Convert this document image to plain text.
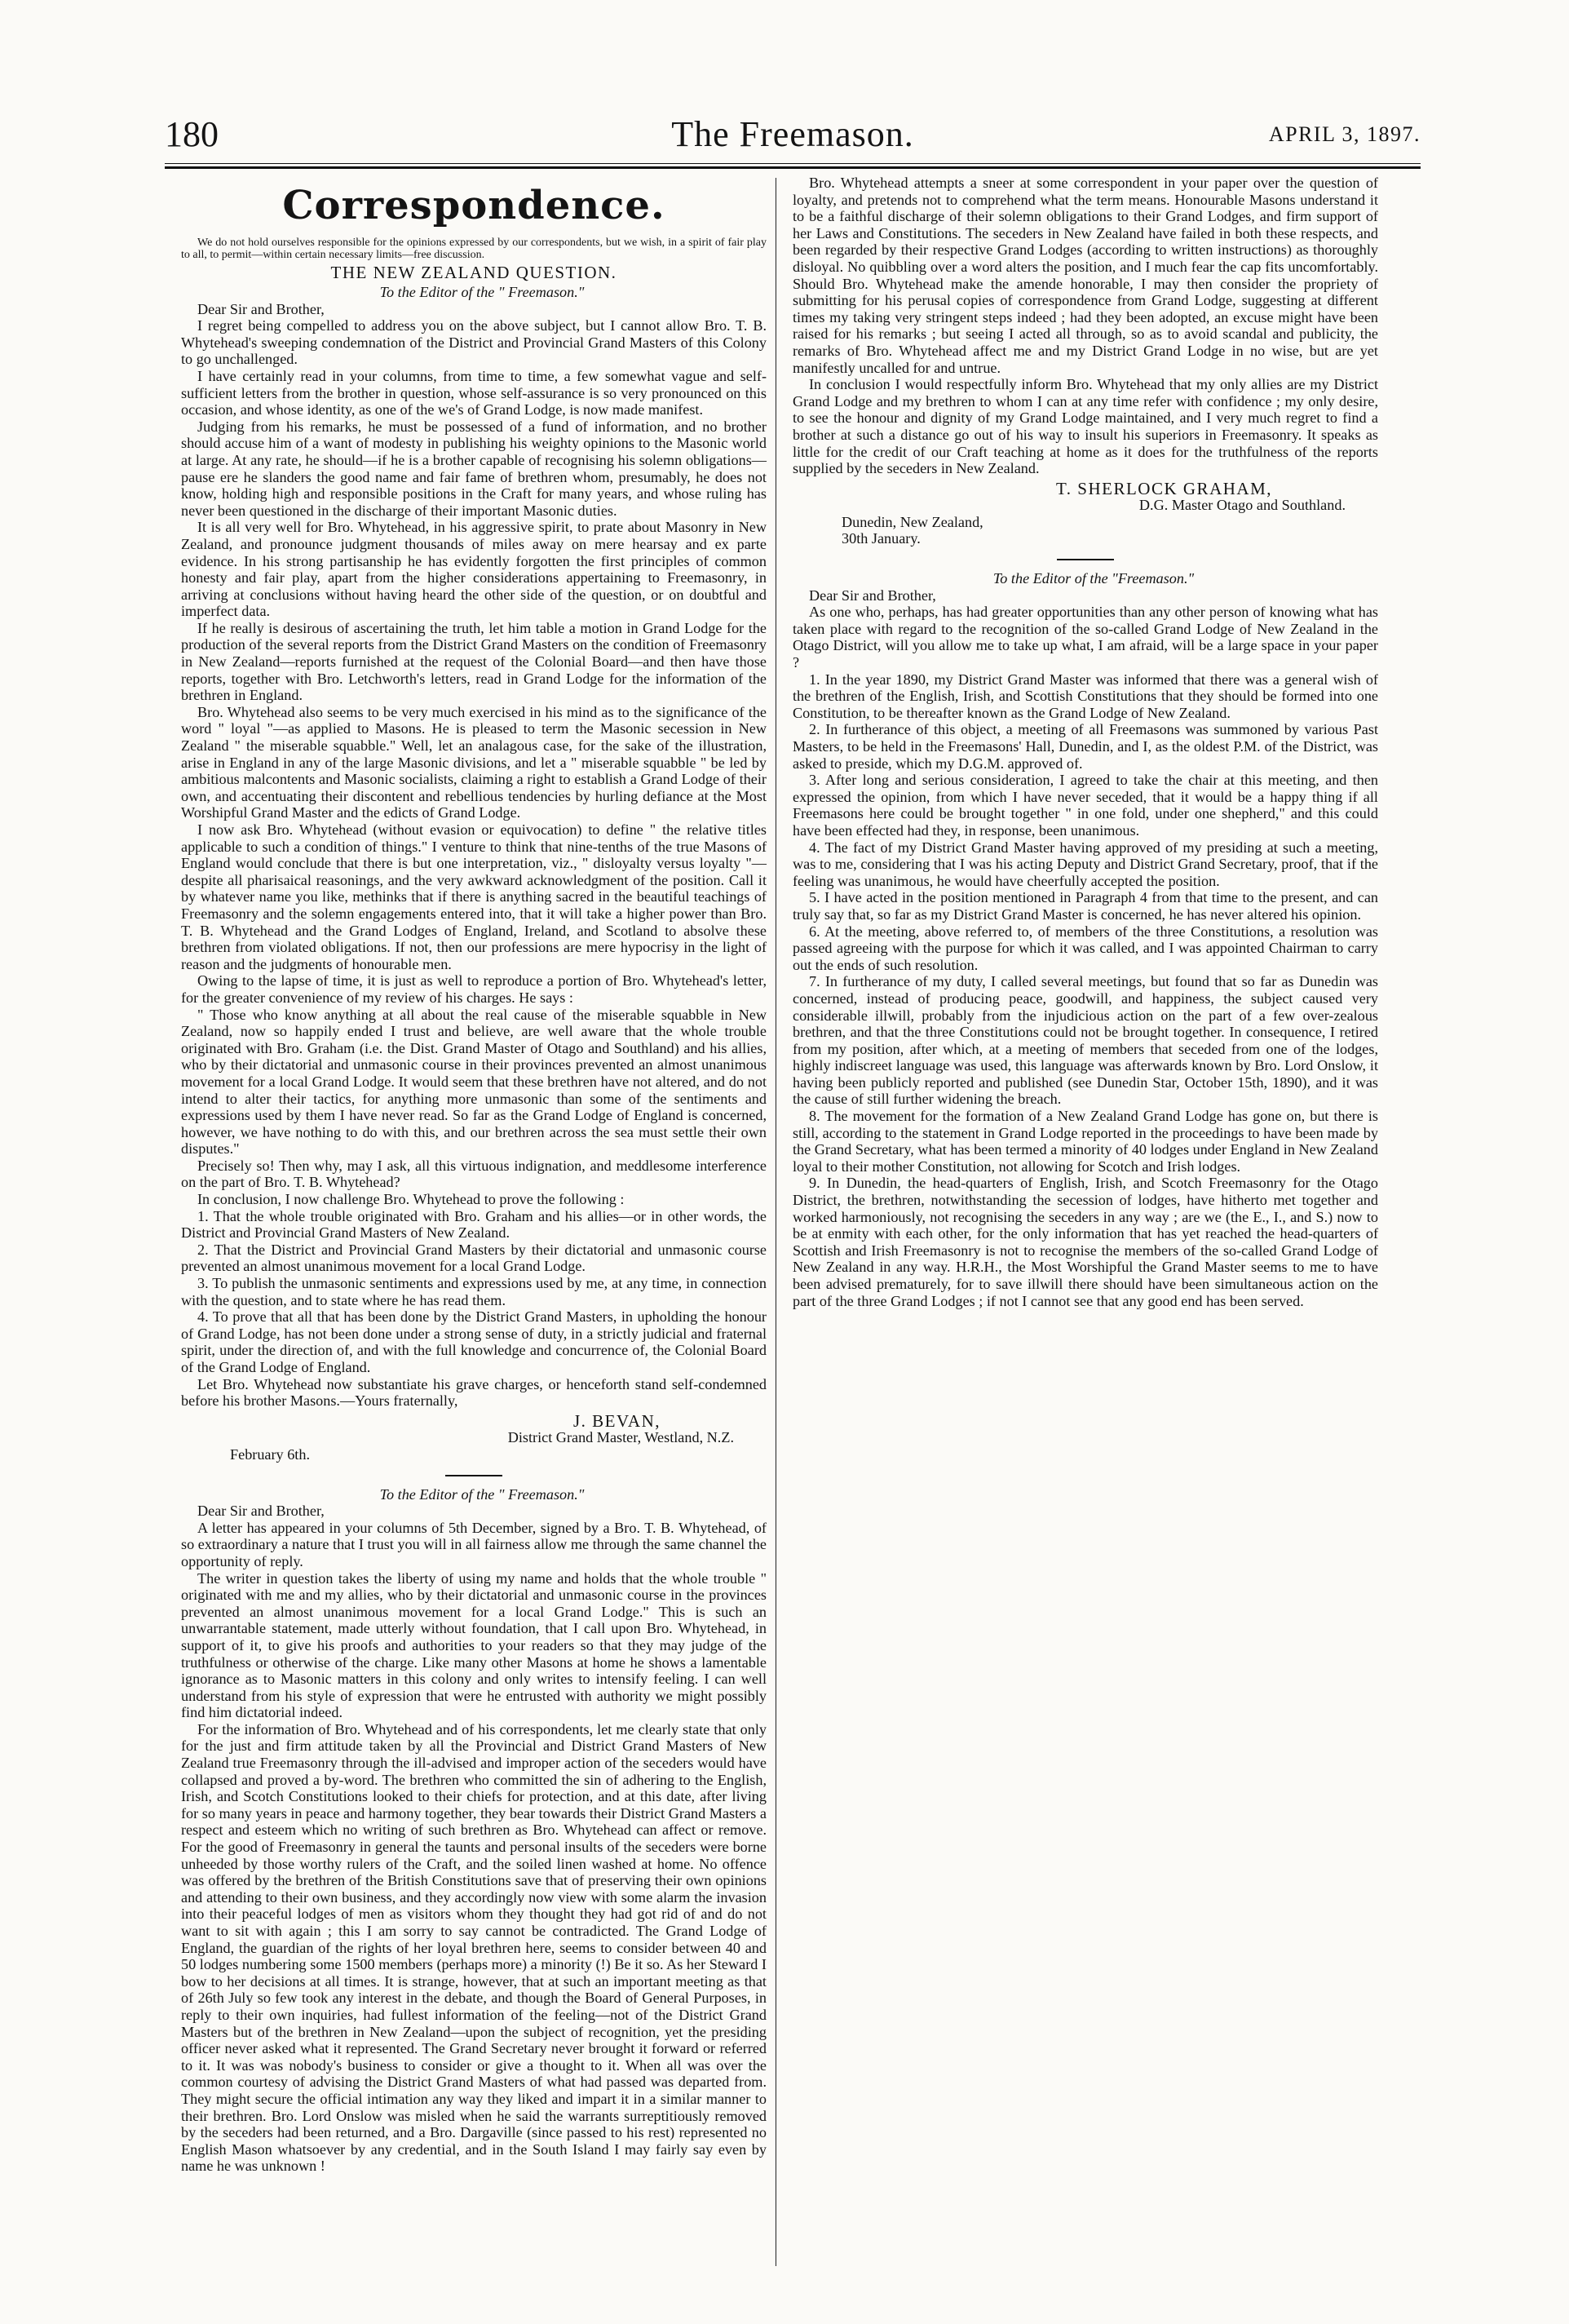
180	The Freemason.	APRIL 3, 1897.
Correspondence.

We do not hold ourselves responsible for the opinions expressed by our correspondents, but we wish, in a spirit of fair play to all, to permit—within certain necessary limits—free discussion.

THE NEW ZEALAND QUESTION.

To the Editor of the " Freemason."

Dear Sir and Brother,

I regret being compelled to address you on the above subject, but I cannot allow Bro. T. B. Whytehead's sweeping condemnation of the District and Provincial Grand Masters of this Colony to go unchallenged.

I have certainly read in your columns, from time to time, a few somewhat vague and self-sufficient letters from the brother in question, whose self-assurance is so very pronounced on this occasion, and whose identity, as one of the we's of Grand Lodge, is now made manifest.

Judging from his remarks, he must be possessed of a fund of information, and no brother should accuse him of a want of modesty in publishing his weighty opinions to the Masonic world at large. At any rate, he should—if he is a brother capable of recognising his solemn obligations—pause ere he slanders the good name and fair fame of brethren whom, presumably, he does not know, holding high and responsible positions in the Craft for many years, and whose ruling has never been questioned in the discharge of their important Masonic duties.

It is all very well for Bro. Whytehead, in his aggressive spirit, to prate about Masonry in New Zealand, and pronounce judgment thousands of miles away on mere hearsay and ex parte evidence. In his strong partisanship he has evidently forgotten the first principles of common honesty and fair play, apart from the higher considerations appertaining to Freemasonry, in arriving at conclusions without having heard the other side of the question, or on doubtful and imperfect data.

If he really is desirous of ascertaining the truth, let him table a motion in Grand Lodge for the production of the several reports from the District Grand Masters on the condition of Freemasonry in New Zealand—reports furnished at the request of the Colonial Board—and then have those reports, together with Bro. Letchworth's letters, read in Grand Lodge for the information of the brethren in England.

Bro. Whytehead also seems to be very much exercised in his mind as to the significance of the word " loyal "—as applied to Masons. He is pleased to term the Masonic secession in New Zealand " the miserable squabble." Well, let an analagous case, for the sake of the illustration, arise in England in any of the large Masonic divisions, and let a " miserable squabble " be led by ambitious malcontents and Masonic socialists, claiming a right to establish a Grand Lodge of their own, and accentuating their discontent and rebellious tendencies by hurling defiance at the Most Worshipful Grand Master and the edicts of Grand Lodge.

I now ask Bro. Whytehead (without evasion or equivocation) to define " the relative titles applicable to such a condition of things." I venture to think that nine-tenths of the true Masons of England would conclude that there is but one interpretation, viz., " disloyalty versus loyalty "—despite all pharisaical reasonings, and the very awkward acknowledgment of the position. Call it by whatever name you like, methinks that if there is anything sacred in the beautiful teachings of Freemasonry and the solemn engagements entered into, that it will take a higher power than Bro. T. B. Whytehead and the Grand Lodges of England, Ireland, and Scotland to absolve these brethren from violated obligations. If not, then our professions are mere hypocrisy in the light of reason and the judgments of honourable men.

Owing to the lapse of time, it is just as well to reproduce a portion of Bro. Whytehead's letter, for the greater convenience of my review of his charges. He says :

" Those who know anything at all about the real cause of the miserable squabble in New Zealand, now so happily ended I trust and believe, are well aware that the whole trouble originated with Bro. Graham (i.e. the Dist. Grand Master of Otago and Southland) and his allies, who by their dictatorial and unmasonic course in their provinces prevented an almost unanimous movement for a local Grand Lodge. It would seem that these brethren have not altered, and do not intend to alter their tactics, for anything more unmasonic than some of the sentiments and expressions used by them I have never read. So far as the Grand Lodge of England is concerned, however, we have nothing to do with this, and our brethren across the sea must settle their own disputes."

Precisely so! Then why, may I ask, all this virtuous indignation, and meddlesome interference on the part of Bro. T. B. Whytehead?

In conclusion, I now challenge Bro. Whytehead to prove the following :

1. That the whole trouble originated with Bro. Graham and his allies—or in other words, the District and Provincial Grand Masters of New Zealand.

2. That the District and Provincial Grand Masters by their dictatorial and unmasonic course prevented an almost unanimous movement for a local Grand Lodge.

3. To publish the unmasonic sentiments and expressions used by me, at any time, in connection with the question, and to state where he has read them.

4. To prove that all that has been done by the District Grand Masters, in upholding the honour of Grand Lodge, has not been done under a strong sense of duty, in a strictly judicial and fraternal spirit, under the direction of, and with the full knowledge and concurrence of, the Colonial Board of the Grand Lodge of England.

Let Bro. Whytehead now substantiate his grave charges, or henceforth stand self-condemned before his brother Masons.—Yours fraternally,

J. BEVAN,

District Grand Master, Westland, N.Z.

February 6th.

To the Editor of the " Freemason."

Dear Sir and Brother,

A letter has appeared in your columns of 5th December, signed by a Bro. T. B. Whytehead, of so extraordinary a nature that I trust you will in all fairness allow me through the same channel the opportunity of reply.

The writer in question takes the liberty of using my name and holds that the whole trouble " originated with me and my allies, who by their dictatorial and unmasonic course in the provinces prevented an almost unanimous movement for a local Grand Lodge." This is such an unwarrantable statement, made utterly without foundation, that I call upon Bro. Whytehead, in support of it, to give his proofs and authorities to your readers so that they may judge of the truthfulness or otherwise of the charge. Like many other Masons at home he shows a lamentable ignorance as to Masonic matters in this colony and only writes to intensify feeling. I can well understand from his style of expression that were he entrusted with authority we might possibly find him dictatorial indeed.

For the information of Bro. Whytehead and of his correspondents, let me clearly state that only for the just and firm attitude taken by all the Provincial and District Grand Masters of New Zealand true Freemasonry through the ill-advised and improper action of the seceders would have collapsed and proved a by-word. The brethren who committed the sin of adhering to the English, Irish, and Scotch Constitutions looked to their chiefs for protection, and at this date, after living for so many years in peace and harmony together, they bear towards their District Grand Masters a respect and esteem which no writing of such brethren as Bro. Whytehead can affect or remove. For the good of Freemasonry in general the taunts and personal insults of the seceders were borne unheeded by those worthy rulers of the Craft, and the soiled linen washed at home. No offence was offered by the brethren of the British Constitutions save that of preserving their own opinions and attending to their own business, and they accordingly now view with some alarm the invasion into their peaceful lodges of men as visitors whom they thought they had got rid of and do not want to sit with again ; this I am sorry to say cannot be contradicted. The Grand Lodge of England, the guardian of the rights of her loyal brethren here, seems to consider between 40 and 50 lodges numbering some 1500 members (perhaps more) a minority (!) Be it so. As her Steward I bow to her decisions at all times. It is strange, however, that at such an important meeting as that of 26th July so few took any interest in the debate, and though the Board of General Purposes, in reply to their own inquiries, had fullest information of the feeling—not of the District Grand Masters but of the brethren in New Zealand—upon the subject of recognition, yet the presiding officer never asked what it represented. The Grand Secretary never brought it forward or referred to it. It was was nobody's business to consider or give a thought to it. When all was over the common courtesy of advising the District Grand Masters of what had passed was departed from. They might secure the official intimation any way they liked and impart it in a similar manner to their brethren. Bro. Lord Onslow was misled when he said the warrants surreptitiously removed by the seceders had been returned, and a Bro. Dargaville (since passed to his rest) represented no English Mason whatsoever by any credential, and in the South Island I may fairly say even by name he was unknown !

Bro. Whytehead attempts a sneer at some correspondent in your paper over the question of loyalty, and pretends not to comprehend what the term means. Honourable Masons understand it to be a faithful discharge of their solemn obligations to their Grand Lodges, and firm support of her Laws and Constitutions. The seceders in New Zealand have failed in both these respects, and been regarded by their respective Grand Lodges (according to written instructions) as thoroughly disloyal. No quibbling over a word alters the position, and I much fear the cap fits uncomfortably. Should Bro. Whytehead make the amende honorable, I may then consider the propriety of submitting for his perusal copies of correspondence from Grand Lodge, suggesting at different times my taking very stringent steps indeed ; had they been adopted, an excuse might have been raised for his remarks ; but seeing I acted all through, so as to avoid scandal and publicity, the remarks of Bro. Whytehead affect me and my District Grand Lodge in no wise, but are yet manifestly uncalled for and untrue.

In conclusion I would respectfully inform Bro. Whytehead that my only allies are my District Grand Lodge and my brethren to whom I can at any time refer with confidence ; my only desire, to see the honour and dignity of my Grand Lodge maintained, and I very much regret to find a brother at such a distance go out of his way to insult his superiors in Freemasonry. It speaks as little for the credit of our Craft teaching at home as it does for the truthfulness of the reports supplied by the seceders in New Zealand.

T. SHERLOCK GRAHAM,

D.G. Master Otago and Southland.

Dunedin, New Zealand,

30th January.

To the Editor of the "Freemason."

Dear Sir and Brother,

As one who, perhaps, has had greater opportunities than any other person of knowing what has taken place with regard to the recognition of the so-called Grand Lodge of New Zealand in the Otago District, will you allow me to take up what, I am afraid, will be a large space in your paper ?

1. In the year 1890, my District Grand Master was informed that there was a general wish of the brethren of the English, Irish, and Scottish Constitutions that they should be formed into one Constitution, to be thereafter known as the Grand Lodge of New Zealand.

2. In furtherance of this object, a meeting of all Freemasons was summoned by various Past Masters, to be held in the Freemasons' Hall, Dunedin, and I, as the oldest P.M. of the District, was asked to preside, which my D.G.M. approved of.

3. After long and serious consideration, I agreed to take the chair at this meeting, and then expressed the opinion, from which I have never seceded, that it would be a happy thing if all Freemasons here could be brought together " in one fold, under one shepherd," and this could have been effected had they, in response, been unanimous.

4. The fact of my District Grand Master having approved of my presiding at such a meeting, was to me, considering that I was his acting Deputy and District Grand Secretary, proof, that if the feeling was unanimous, he would have cheerfully accepted the position.

5. I have acted in the position mentioned in Paragraph 4 from that time to the present, and can truly say that, so far as my District Grand Master is concerned, he has never altered his opinion.

6. At the meeting, above referred to, of members of the three Constitutions, a resolution was passed agreeing with the purpose for which it was called, and I was appointed Chairman to carry out the ends of such resolution.

7. In furtherance of my duty, I called several meetings, but found that so far as Dunedin was concerned, instead of producing peace, goodwill, and happiness, the subject caused very considerable illwill, probably from the injudicious action on the part of a few over-zealous brethren, and that the three Constitutions could not be brought together. In consequence, I retired from my position, after which, at a meeting of members that seceded from one of the lodges, highly indiscreet language was used, this language was afterwards known by Bro. Lord Onslow, it having been publicly reported and published (see Dunedin Star, October 15th, 1890), and it was the cause of still further widening the breach.

8. The movement for the formation of a New Zealand Grand Lodge has gone on, but there is still, according to the statement in Grand Lodge reported in the proceedings to have been made by the Grand Secretary, what has been termed a minority of 40 lodges under England in New Zealand loyal to their mother Constitution, not allowing for Scotch and Irish lodges.

9. In Dunedin, the head-quarters of English, Irish, and Scotch Freemasonry for the Otago District, the brethren, notwithstanding the secession of lodges, have hitherto met together and worked harmoniously, not recognising the seceders in any way ; are we (the E., I., and S.) now to be at enmity with each other, for the only information that has yet reached the head-quarters of Scottish and Irish Freemasonry is not to recognise the members of the so-called Grand Lodge of New Zealand in any way. H.R.H., the Most Worshipful the Grand Master seems to me to have been advised prematurely, for to save illwill there should have been simultaneous action on the part of the three Grand Lodges ; if not I cannot see that any good end has been served.
